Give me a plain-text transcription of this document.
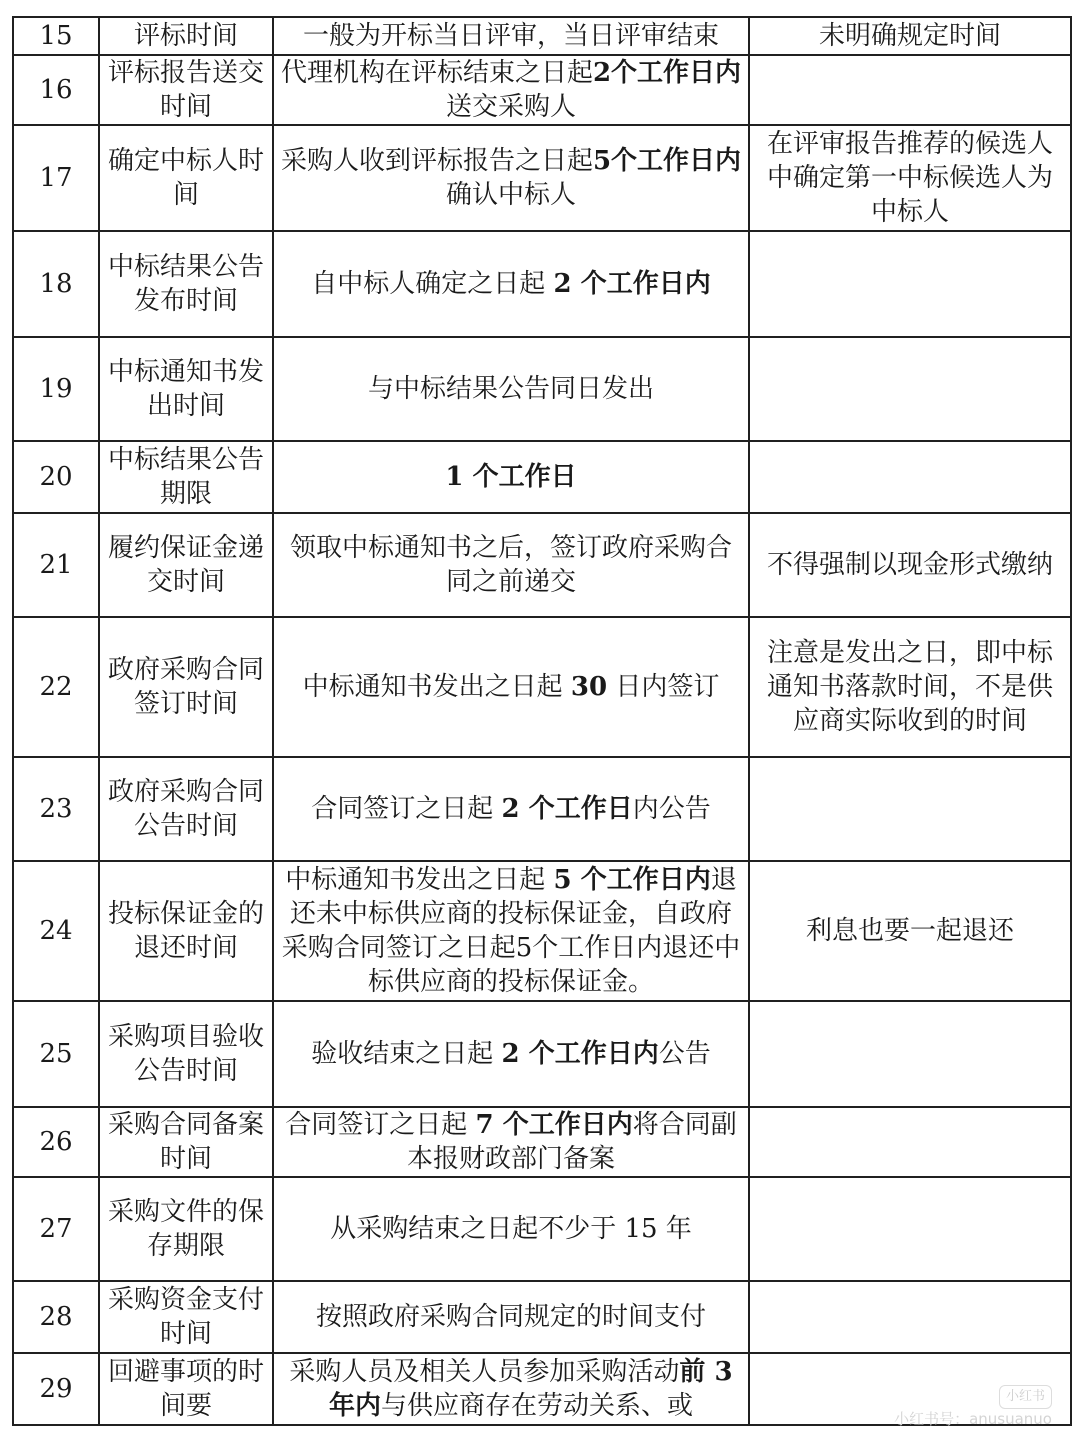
15	评标时间	一般为开标当日评审，当日评审结束	未明确规定时间
16	评标报告送交时间	代理机构在评标结束之日起2个工作日内送交采购人	
17	确定中标人时间	采购人收到评标报告之日起5个工作日内确认中标人	在评审报告推荐的候选人中确定第一中标候选人为中标人
18	中标结果公告发布时间	自中标人确定之日起 2 个工作日内	
19	中标通知书发出时间	与中标结果公告同日发出	
20	中标结果公告期限	1 个工作日	
21	履约保证金递交时间	领取中标通知书之后，签订政府采购合同之前递交	不得强制以现金形式缴纳
22	政府采购合同签订时间	中标通知书发出之日起 30 日内签订	注意是发出之日，即中标通知书落款时间，不是供应商实际收到的时间
23	政府采购合同公告时间	合同签订之日起 2 个工作日内公告	
24	投标保证金的退还时间	中标通知书发出之日起 5 个工作日内退还未中标供应商的投标保证金，自政府采购合同签订之日起5个工作日内退还中标供应商的投标保证金。	利息也要一起退还
25	采购项目验收公告时间	验收结束之日起 2 个工作日内公告	
26	采购合同备案时间	合同签订之日起 7 个工作日内将合同副本报财政部门备案	
27	采购文件的保存期限	从采购结束之日起不少于 15 年	
28	采购资金支付时间	按照政府采购合同规定的时间支付	
29	回避事项的时间要	采购人员及相关人员参加采购活动前 3 年内与供应商存在劳动关系、或		小红书
小红书号：anusuanuo
